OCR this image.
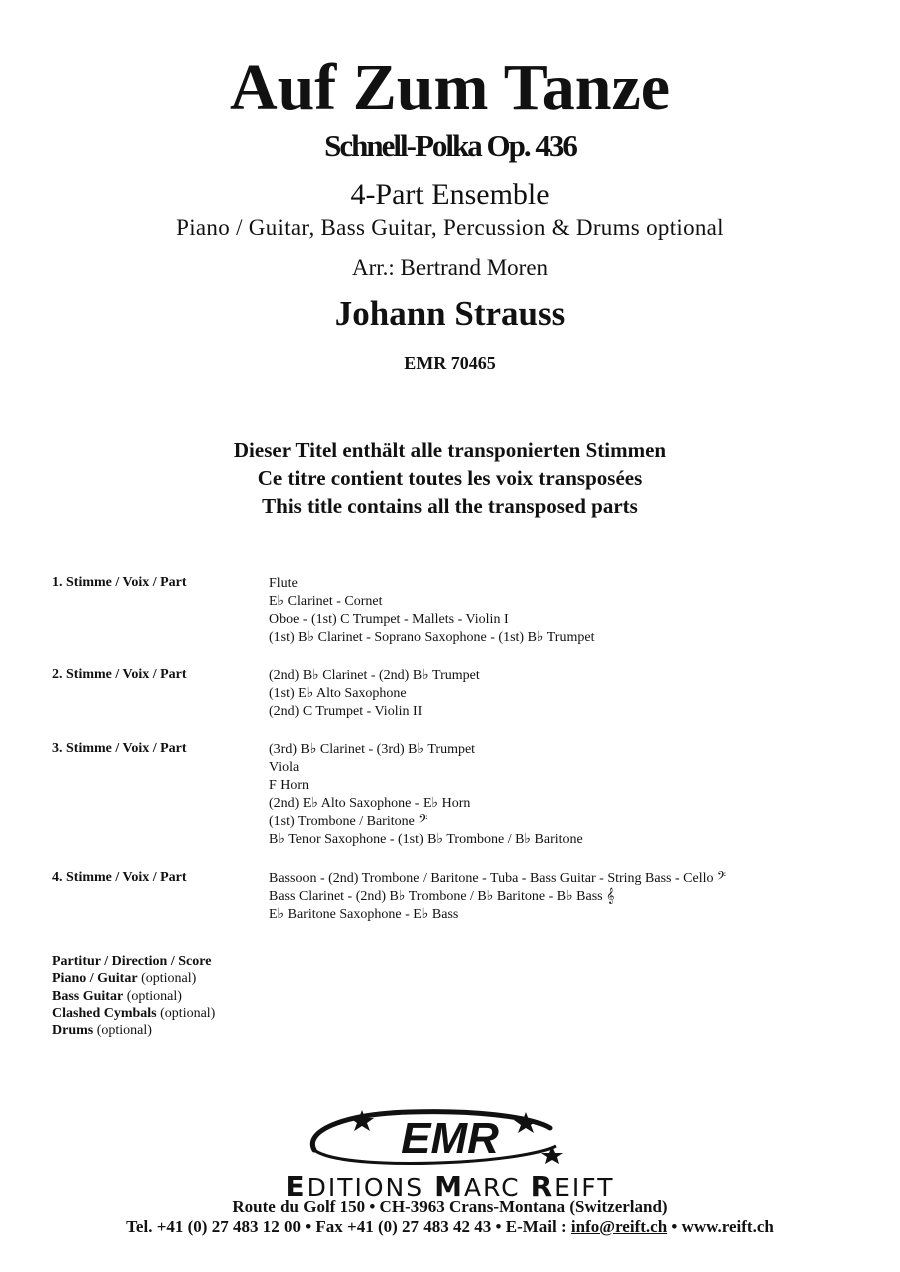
Auf Zum Tanze
Schnell-Polka Op. 436
4-Part Ensemble
Piano / Guitar, Bass Guitar, Percussion & Drums optional
Arr.: Bertrand Moren
Johann Strauss
EMR 70465
Dieser Titel enthält alle transponierten Stimmen
Ce titre contient toutes les voix transposées
This title contains all the transposed parts
1. Stimme / Voix / Part	Flute
E♭ Clarinet - Cornet
Oboe - (1st) C Trumpet - Mallets - Violin I
(1st) B♭ Clarinet - Soprano Saxophone - (1st) B♭ Trumpet
2. Stimme / Voix / Part	(2nd) B♭ Clarinet - (2nd) B♭ Trumpet
(1st) E♭ Alto Saxophone
(2nd) C Trumpet - Violin II
3. Stimme / Voix / Part	(3rd) B♭ Clarinet - (3rd) B♭ Trumpet
Viola
F Horn
(2nd) E♭ Alto Saxophone - E♭ Horn
(1st) Trombone / Baritone 𝄢
B♭ Tenor Saxophone - (1st) B♭ Trombone / B♭ Baritone
4. Stimme / Voix / Part	Bassoon - (2nd) Trombone / Baritone - Tuba - Bass Guitar - String Bass - Cello 𝄢
Bass Clarinet - (2nd) B♭ Trombone / B♭ Baritone - B♭ Bass 𝄞
E♭ Baritone Saxophone - E♭ Bass
Partitur / Direction / Score
Piano / Guitar (optional)
Bass Guitar (optional)
Clashed Cymbals (optional)
Drums (optional)
EMR
EDITIONS MARC REIFT
Route du Golf 150 • CH-3963 Crans-Montana (Switzerland)
Tel. +41 (0) 27 483 12 00 • Fax +41 (0) 27 483 42 43 • E-Mail : info@reift.ch • www.reift.ch
